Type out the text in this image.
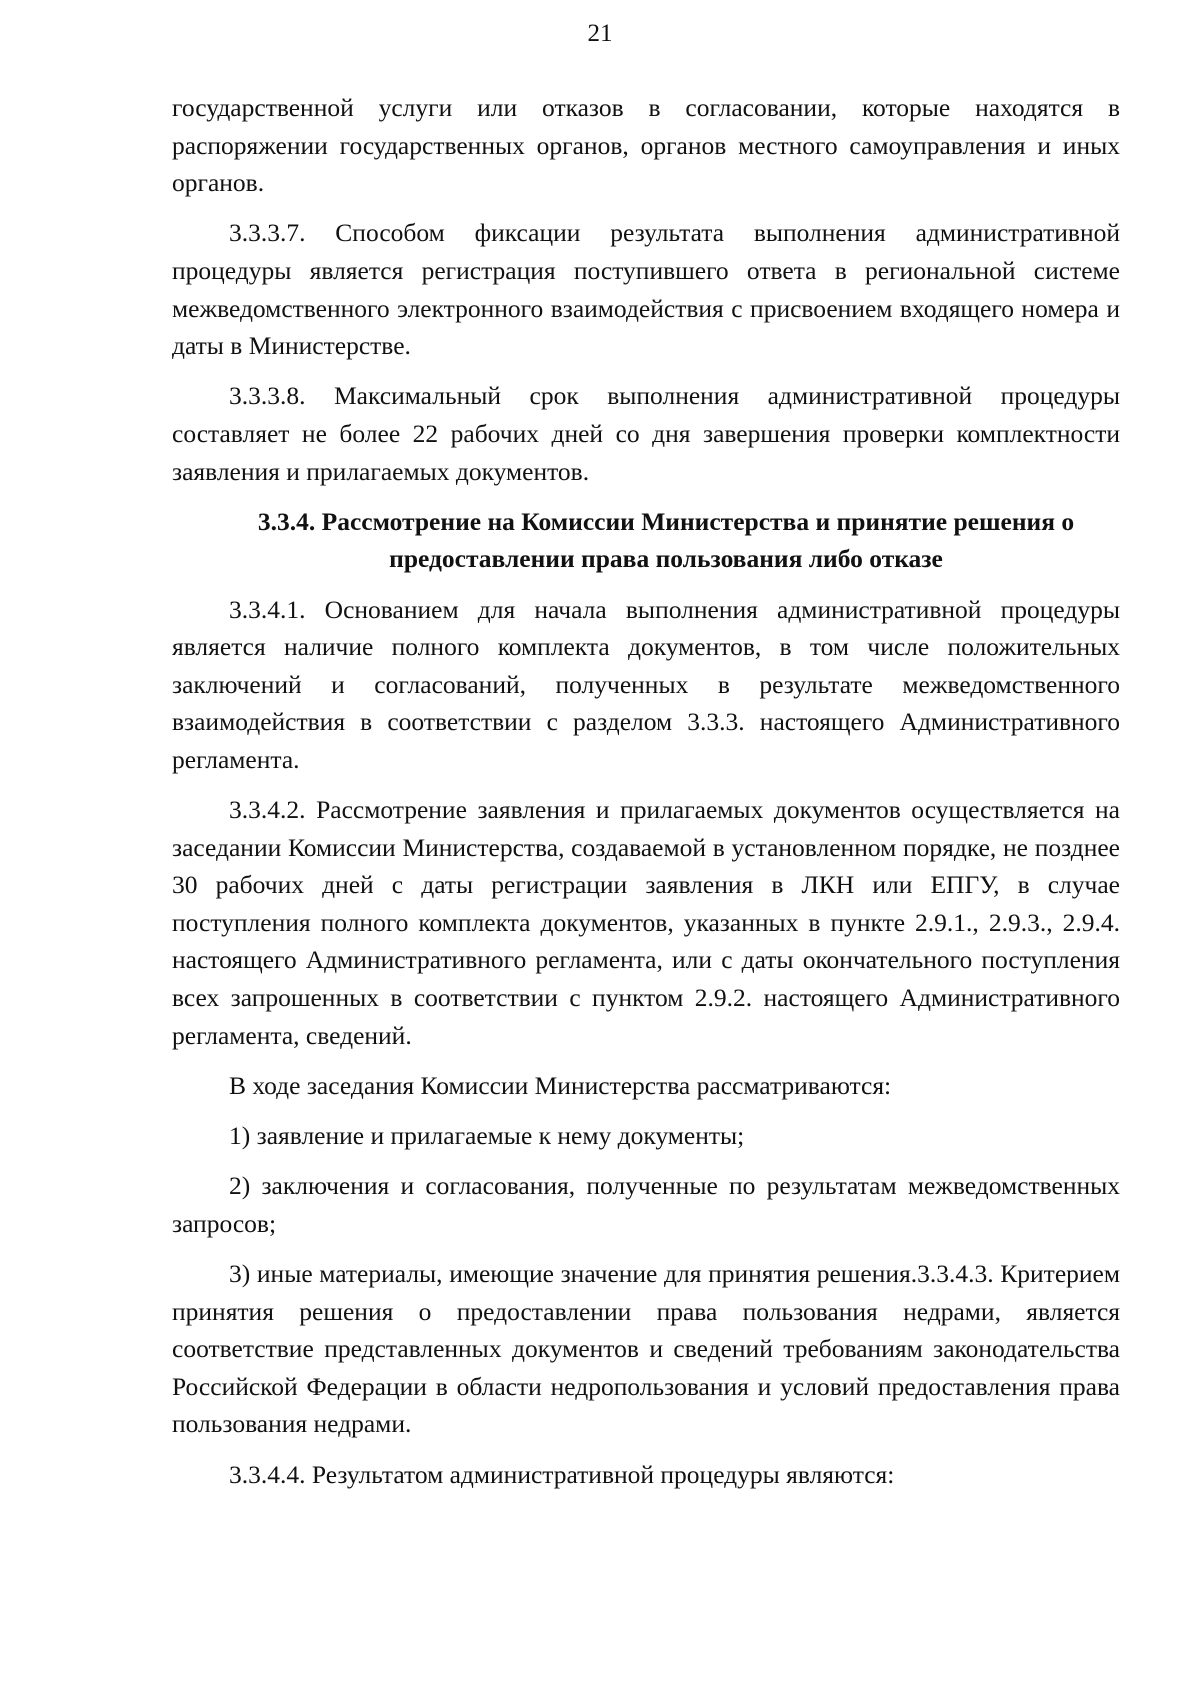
21

государственной услуги или отказов в согласовании, которые находятся в распоряжении государственных органов, органов местного самоуправления и иных органов.

3.3.3.7. Способом фиксации результата выполнения административной процедуры является регистрация поступившего ответа в региональной системе межведомственного электронного взаимодействия с присвоением входящего номера и даты в Министерстве.

3.3.3.8. Максимальный срок выполнения административной процедуры составляет не более 22 рабочих дней со дня завершения проверки комплектности заявления и прилагаемых документов.

3.3.4. Рассмотрение на Комиссии Министерства и принятие решения о предоставлении права пользования либо отказе

3.3.4.1. Основанием для начала выполнения административной процедуры является наличие полного комплекта документов, в том числе положительных заключений и согласований, полученных в результате межведомственного взаимодействия в соответствии с разделом 3.3.3. настоящего Административного регламента.

3.3.4.2. Рассмотрение заявления и прилагаемых документов осуществляется на заседании Комиссии Министерства, создаваемой в установленном порядке, не позднее 30 рабочих дней с даты регистрации заявления в ЛКН или ЕПГУ, в случае поступления полного комплекта документов, указанных в пункте 2.9.1., 2.9.3., 2.9.4. настоящего Административного регламента, или с даты окончательного поступления всех запрошенных в соответствии с пунктом 2.9.2. настоящего Административного регламента, сведений.

В ходе заседания Комиссии Министерства рассматриваются:

1) заявление и прилагаемые к нему документы;

2) заключения и согласования, полученные по результатам межведомственных запросов;

3) иные материалы, имеющие значение для принятия решения.3.3.4.3. Критерием принятия решения о предоставлении права пользования недрами, является соответствие представленных документов и сведений требованиям законодательства Российской Федерации в области недропользования и условий предоставления права пользования недрами.

3.3.4.4. Результатом административной процедуры являются:
